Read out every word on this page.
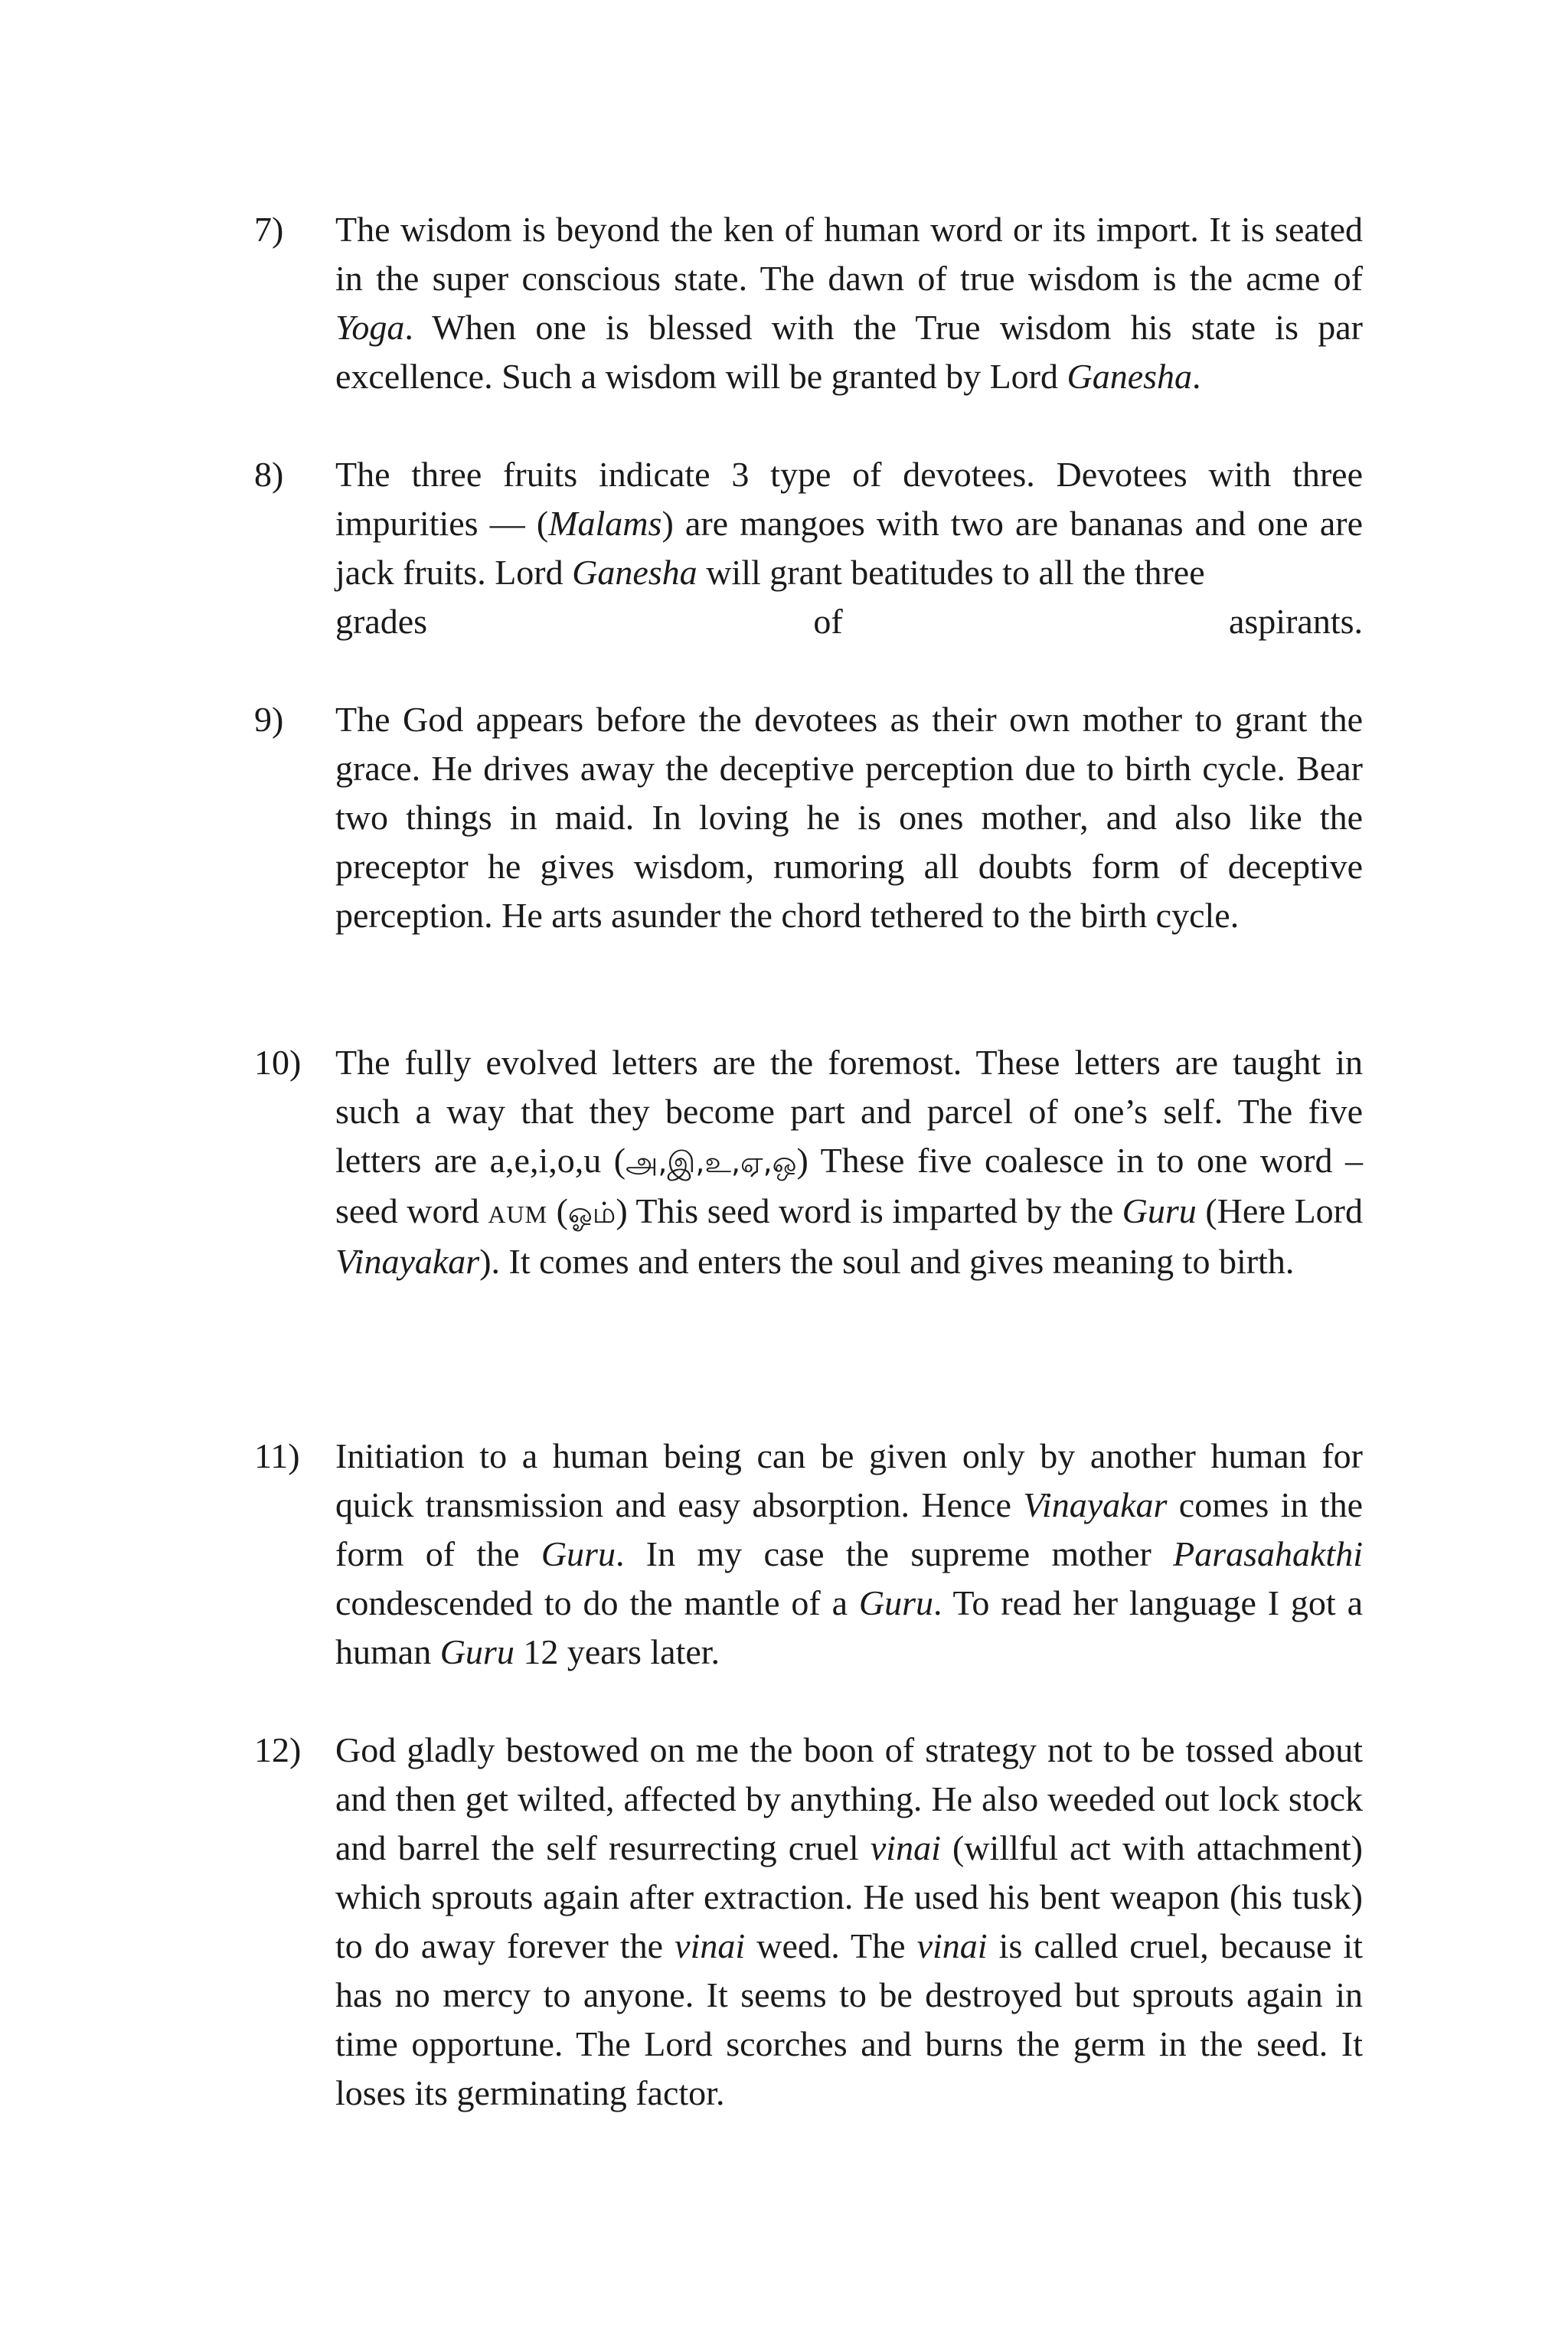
7)	The wisdom is beyond the ken of human word or its import. It is seated in the super conscious state. The dawn of true wisdom is the acme of Yoga. When one is blessed with the True wisdom his state is par excellence. Such a wisdom will be granted by Lord Ganesha.
8)	The three fruits indicate 3 type of devotees. Devotees with three impurities — (Malams) are mangoes with two are bananas and one are jack fruits. Lord Ganesha will grant beatitudes to all the three
grades	of	aspirants.
9)	The God appears before the devotees as their own mother to grant the grace. He drives away the deceptive perception due to birth cycle. Bear two things in maid. In loving he is ones mother, and also like the preceptor he gives wisdom, rumoring all doubts form of deceptive perception. He arts asunder the chord tethered to the birth cycle.
10) The fully evolved letters are the foremost. These letters are taught in such a way that they become part and parcel of one’s self. The five letters are a,e,i,o,u (அ,இ,உ,ஏ,ஒ) These five coalesce in to one word – seed word aum (ஓம்) This seed word is imparted by the Guru (Here Lord Vinayakar). It comes and enters the soul and gives meaning to birth.
11)	Initiation to a human being can be given only by another human for quick transmission and easy absorption. Hence Vinayakar comes in the form of the Guru. In my case the supreme mother Parasahakthi condescended to do the mantle of a Guru. To read her language I got a human Guru 12 years later.
12) God gladly bestowed on me the boon of strategy not to be tossed about and then get wilted, affected by anything. He also weeded out lock stock and barrel the self resurrecting cruel vinai (willful act with attachment) which sprouts again after extraction. He used his bent weapon (his tusk) to do away forever the vinai weed. The vinai is called cruel, because it has no mercy to anyone. It seems to be destroyed but sprouts again in time opportune. The Lord scorches and burns the germ in the seed. It loses its germinating factor.
